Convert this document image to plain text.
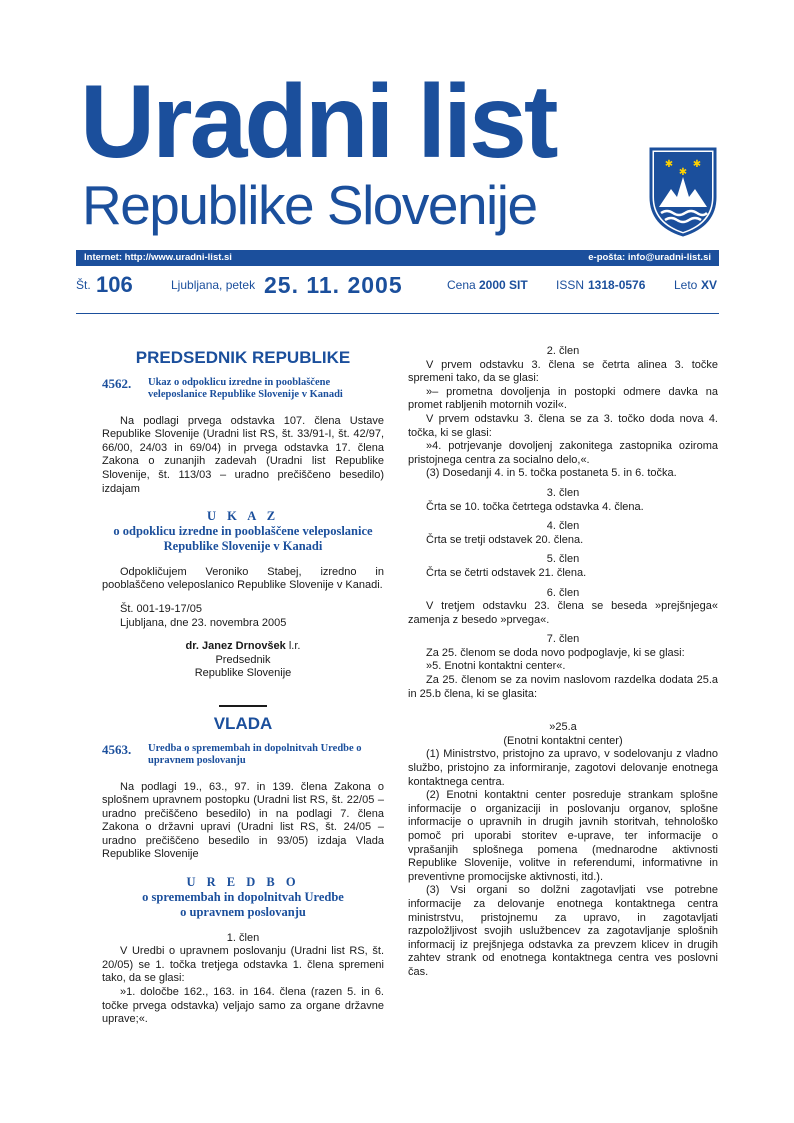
Uradni list
Republike Slovenije
✱ ✱
✱
Internet: http://www.uradni-list.si	e-pošta: info@uradni-list.si
Št. 106	Ljubljana, petek 25. 11. 2005	Cena 2000 SIT ISSN 1318-0576 Leto XV
PREDSEDNIK REPUBLIKE
4562.	Ukaz o odpoklicu izredne in pooblaščene veleposlanice Republike Slovenije v Kanadi

Na podlagi prvega odstavka 107. člena Ustave Republike Slovenije (Uradni list RS, št. 33/91-I, št. 42/97, 66/00, 24/03 in 69/04) in prvega odstavka 17. člena Zakona o zunanjih zadevah (Uradni list Republike Slovenije, št. 113/03 – uradno prečiščeno besedilo) izdajam

U K A Z
o odpoklicu izredne in pooblaščene veleposlanice Republike Slovenije v Kanadi

Odpokličujem Veroniko Stabej, izredno in pooblaščeno veleposlanico Republike Slovenije v Kanadi.

Št. 001-19-17/05

Ljubljana, dne 23. novembra 2005

dr. Janez Drnovšek l.r.

Predsednik

Republike Slovenije

VLADA
4563.	Uredba o spremembah in dopolnitvah Uredbe o upravnem poslovanju

Na podlagi 19., 63., 97. in 139. člena Zakona o splošnem upravnem postopku (Uradni list RS, št. 22/05 – uradno prečiščeno besedilo) in na podlagi 7. člena Zakona o državni upravi (Uradni list RS, št. 24/05 – uradno prečiščeno besedilo in 93/05) izdaja Vlada Republike Slovenije

U R E D B O
o spremembah in dopolnitvah Uredbe
o upravnem poslovanju

1. člen

V Uredbi o upravnem poslovanju (Uradni list RS, št. 20/05) se 1. točka tretjega odstavka 1. člena spremeni tako, da se glasi:

»1. določbe 162., 163. in 164. člena (razen 5. in 6. točke prvega odstavka) veljajo samo za organe državne uprave;«.

2. člen

V prvem odstavku 3. člena se četrta alinea 3. točke spremeni tako, da se glasi:

»– prometna dovoljenja in postopki odmere davka na promet rabljenih motornih vozil«.

V prvem odstavku 3. člena se za 3. točko doda nova 4. točka, ki se glasi:

»4. potrjevanje dovoljenj zakonitega zastopnika oziroma pristojnega centra za socialno delo,«.

(3) Dosedanji 4. in 5. točka postaneta 5. in 6. točka.

3. člen

Črta se 10. točka četrtega odstavka 4. člena.

4. člen

Črta se tretji odstavek 20. člena.

5. člen

Črta se četrti odstavek 21. člena.

6. člen

V tretjem odstavku 23. člena se beseda »prejšnjega« zamenja z besedo »prvega«.

7. člen

Za 25. členom se doda novo podpoglavje, ki se glasi:

»5. Enotni kontaktni center«.

Za 25. členom se za novim naslovom razdelka dodata 25.a in 25.b člena, ki se glasita:

»25.a

(Enotni kontaktni center)

(1) Ministrstvo, pristojno za upravo, v sodelovanju z vladno službo, pristojno za informiranje, zagotovi delovanje enotnega kontaktnega centra.

(2) Enotni kontaktni center posreduje strankam splošne informacije o organizaciji in poslovanju organov, splošne informacije o upravnih in drugih javnih storitvah, tehnološko pomoč pri uporabi storitev e-uprave, ter informacije o vprašanjih splošnega pomena (mednarodne aktivnosti Republike Slovenije, volitve in referendumi, informativne in preventivne promocijske aktivnosti, itd.).

(3) Vsi organi so dolžni zagotavljati vse potrebne informacije za delovanje enotnega kontaktnega centra ministrstvu, pristojnemu za upravo, in zagotavljati razpoložljivost svojih uslužbencev za zagotavljanje splošnih informacij iz prejšnjega odstavka za prevzem klicev in drugih zahtev strank od enotnega kontaktnega centra ves poslovni čas.
